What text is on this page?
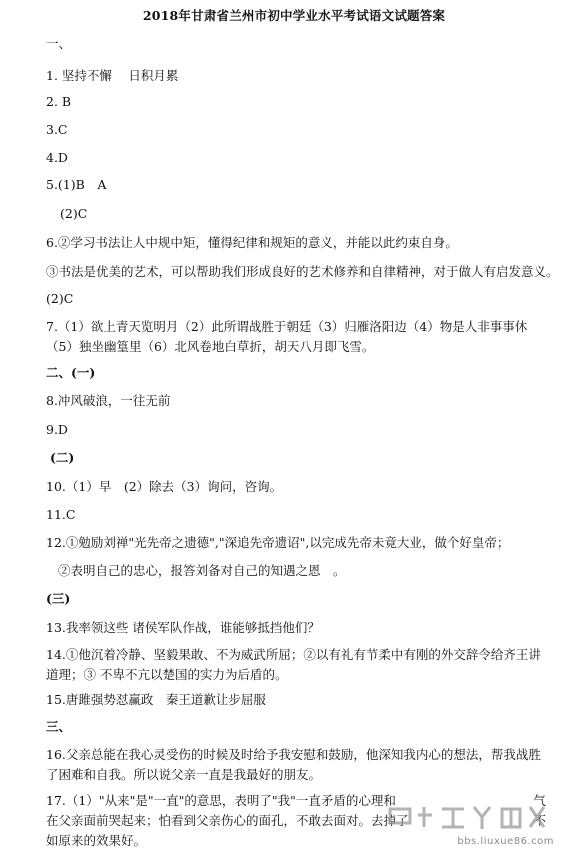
2018年甘肃省兰州市初中学业水平考试语文试题答案
一、
1. 坚持不懈　 日积月累
2. B
3.C
4.D
5.(1)B　A
(2)C
6.②学习书法让人中规中矩，懂得纪律和规矩的意义，并能以此约束自身。
③书法是优美的艺术，可以帮助我们形成良好的艺术修养和自律精神，对于做人有启发意义。
(2)C
7.（1）欲上青天览明月（2）此所谓战胜于朝廷（3）归雁洛阳边（4）物是人非事事休（5）独坐幽篁里（6）北风卷地白草折，胡天八月即飞雪。
二、(一)
8.冲风破浪，一往无前
9.D
(二)
10.（1）早　(2）除去（3）询问，咨询。
11.C
12.①勉励刘禅"光先帝之遗德","深追先帝遗诏",以完成先帝未竟大业，做个好皇帝；
②表明自己的忠心，报答刘备对自己的知遇之恩　。
(三)
13.我率领这些 诸侯军队作战，谁能够抵挡他们？
14.①他沉着冷静、坚毅果敢、不为威武所屈；②以有礼有节柔中有刚的外交辞令给齐王讲道理；③ 不卑不亢以楚国的实力为后盾的。
15.唐雎强势怼赢政　秦王道歉让步屈服
三、
16.父亲总能在我心灵受伤的时候及时给予我安慰和鼓励，他深知我内心的想法，帮我战胜了困难和自我。所以说父亲一直是我最好的朋友。
17.（1）"从来"是"一直"的意思，表明了"我"一直矛盾的心理和　　　　　　　　　　　气在父亲面前哭起来；怕看到父亲伤心的面孔，不敢去面对。去掉了　　　　　　　　　　不如原来的效果好。	bbs.liuxue86.com
